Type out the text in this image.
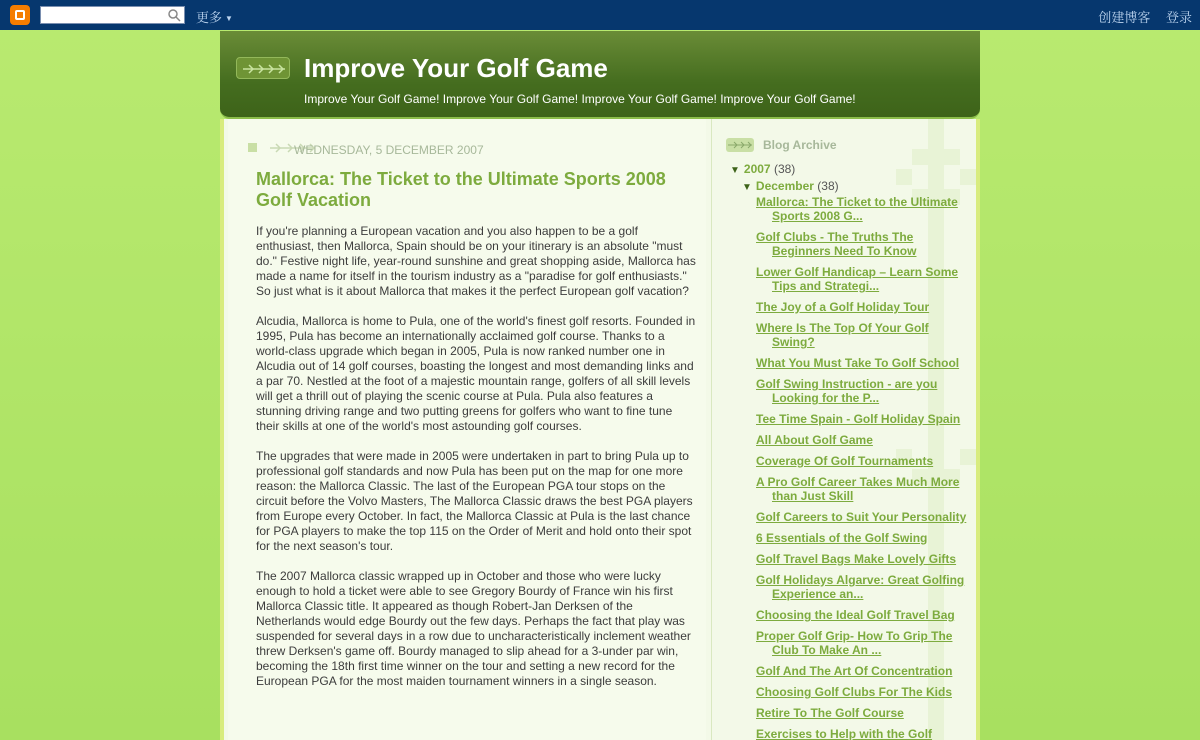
更多 ▼	创建博客 登录
Improve Your Golf Game
Improve Your Golf Game! Improve Your Golf Game! Improve Your Golf Game! Improve Your Golf Game!
WEDNESDAY, 5 DECEMBER 2007
Mallorca: The Ticket to the Ultimate Sports 2008 Golf Vacation

If you're planning a European vacation and you also happen to be a golf enthusiast, then Mallorca, Spain should be on your itinerary is an absolute "must do." Festive night life, year-round sunshine and great shopping aside, Mallorca has made a name for itself in the tourism industry as a "paradise for golf enthusiasts." So just what is it about Mallorca that makes it the perfect European golf vacation?

Alcudia, Mallorca is home to Pula, one of the world's finest golf resorts. Founded in 1995, Pula has become an internationally acclaimed golf course. Thanks to a world-class upgrade which began in 2005, Pula is now ranked number one in Alcudia out of 14 golf courses, boasting the longest and most demanding links and a par 70. Nestled at the foot of a majestic mountain range, golfers of all skill levels will get a thrill out of playing the scenic course at Pula. Pula also features a stunning driving range and two putting greens for golfers who want to fine tune their skills at one of the world's most astounding golf courses.

The upgrades that were made in 2005 were undertaken in part to bring Pula up to professional golf standards and now Pula has been put on the map for one more reason: the Mallorca Classic. The last of the European PGA tour stops on the circuit before the Volvo Masters, The Mallorca Classic draws the best PGA players from Europe every October. In fact, the Mallorca Classic at Pula is the last chance for PGA players to make the top 115 on the Order of Merit and hold onto their spot for the next season's tour.

The 2007 Mallorca classic wrapped up in October and those who were lucky enough to hold a ticket were able to see Gregory Bourdy of France win his first Mallorca Classic title. It appeared as though Robert-Jan Derksen of the Netherlands would edge Bourdy out the few days. Perhaps the fact that play was suspended for several days in a row due to uncharacteristically inclement weather threw Derksen's game off. Bourdy managed to slip ahead for a 3-under par win, becoming the 18th first time winner on the tour and setting a new record for the European PGA for the most maiden tournament winners in a single season.

Blog Archive
▼ 2007 (38)
▼ December (38)
Mallorca: The Ticket to the Ultimate Sports 2008 G...
Golf Clubs - The Truths The Beginners Need To Know
Lower Golf Handicap – Learn Some Tips and Strategi...
The Joy of a Golf Holiday Tour
Where Is The Top Of Your Golf Swing?
What You Must Take To Golf School
Golf Swing Instruction - are you Looking for the P...
Tee Time Spain - Golf Holiday Spain
All About Golf Game
Coverage Of Golf Tournaments
A Pro Golf Career Takes Much More than Just Skill
Golf Careers to Suit Your Personality
6 Essentials of the Golf Swing
Golf Travel Bags Make Lovely Gifts
Golf Holidays Algarve: Great Golfing Experience an...
Choosing the Ideal Golf Travel Bag
Proper Golf Grip- How To Grip The Club To Make An ...
Golf And The Art Of Concentration
Choosing Golf Clubs For The Kids
Retire To The Golf Course
Exercises to Help with the Golf
